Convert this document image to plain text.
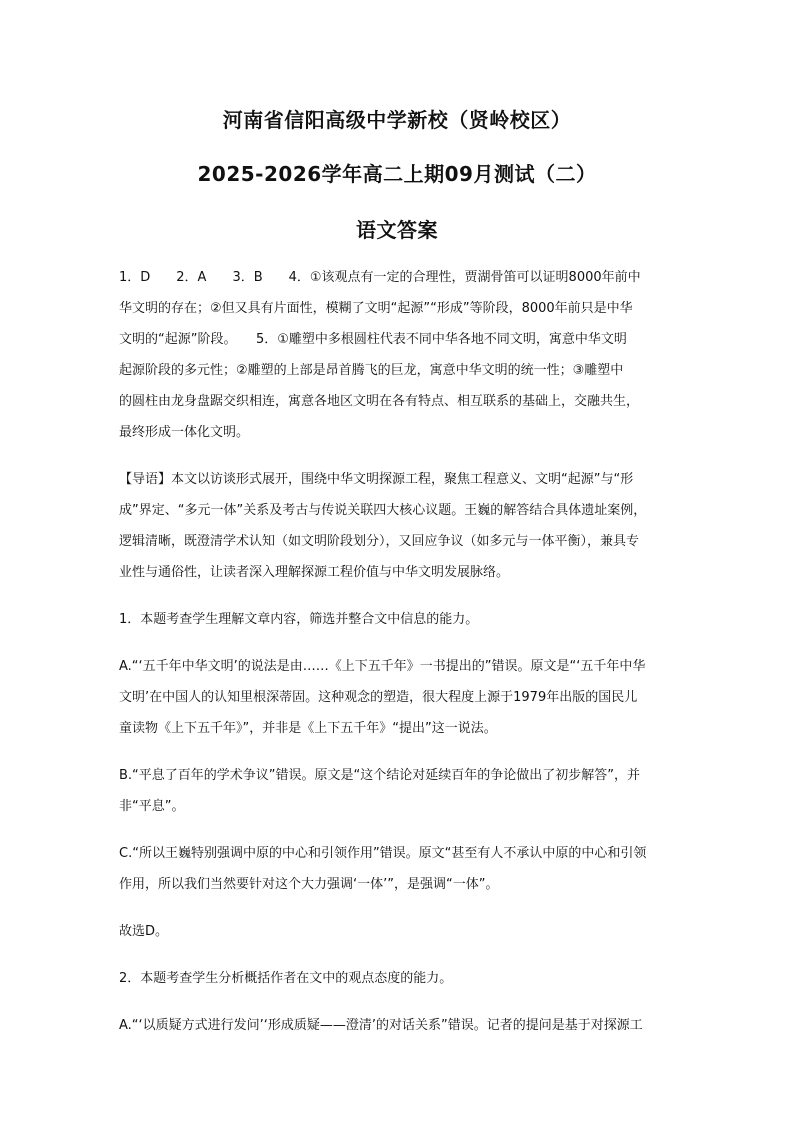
河南省信阳高级中学新校（贤岭校区）
2025-2026学年高二上期09月测试（二）
语文答案
1．D　　2．A　　3．B　　4．①该观点有一定的合理性，贾湖骨笛可以证明8000年前中
华文明的存在；②但又具有片面性，模糊了文明“起源”“形成”等阶段，8000年前只是中华
文明的“起源”阶段。　　5．①雕塑中多根圆柱代表不同中华各地不同文明，寓意中华文明
起源阶段的多元性；②雕塑的上部是昂首腾飞的巨龙，寓意中华文明的统一性；③雕塑中
的圆柱由龙身盘踞交织相连，寓意各地区文明在各有特点、相互联系的基础上，交融共生，
最终形成一体化文明。
【导语】本文以访谈形式展开，围绕中华文明探源工程，聚焦工程意义、文明“起源”与“形
成”界定、“多元一体”关系及考古与传说关联四大核心议题。王巍的解答结合具体遗址案例，
逻辑清晰，既澄清学术认知（如文明阶段划分），又回应争议（如多元与一体平衡），兼具专
业性与通俗性，让读者深入理解探源工程价值与中华文明发展脉络。
1．本题考查学生理解文章内容，筛选并整合文中信息的能力。
A.“‘五千年中华文明’的说法是由……《上下五千年》一书提出的”错误。原文是“‘五千年中华
文明’在中国人的认知里根深蒂固。这种观念的塑造，很大程度上源于1979年出版的国民儿
童读物《上下五千年》”，并非是《上下五千年》“提出”这一说法。
B.“平息了百年的学术争议”错误。原文是“这个结论对延续百年的争论做出了初步解答”，并
非“平息”。
C.“所以王巍特别强调中原的中心和引领作用”错误。原文“甚至有人不承认中原的中心和引领
作用，所以我们当然要针对这个大力强调‘一体’”，是强调“一体”。
故选D。
2．本题考查学生分析概括作者在文中的观点态度的能力。
A.“‘以质疑方式进行发问’‘形成质疑——澄清’的对话关系”错误。记者的提问是基于对探源工
